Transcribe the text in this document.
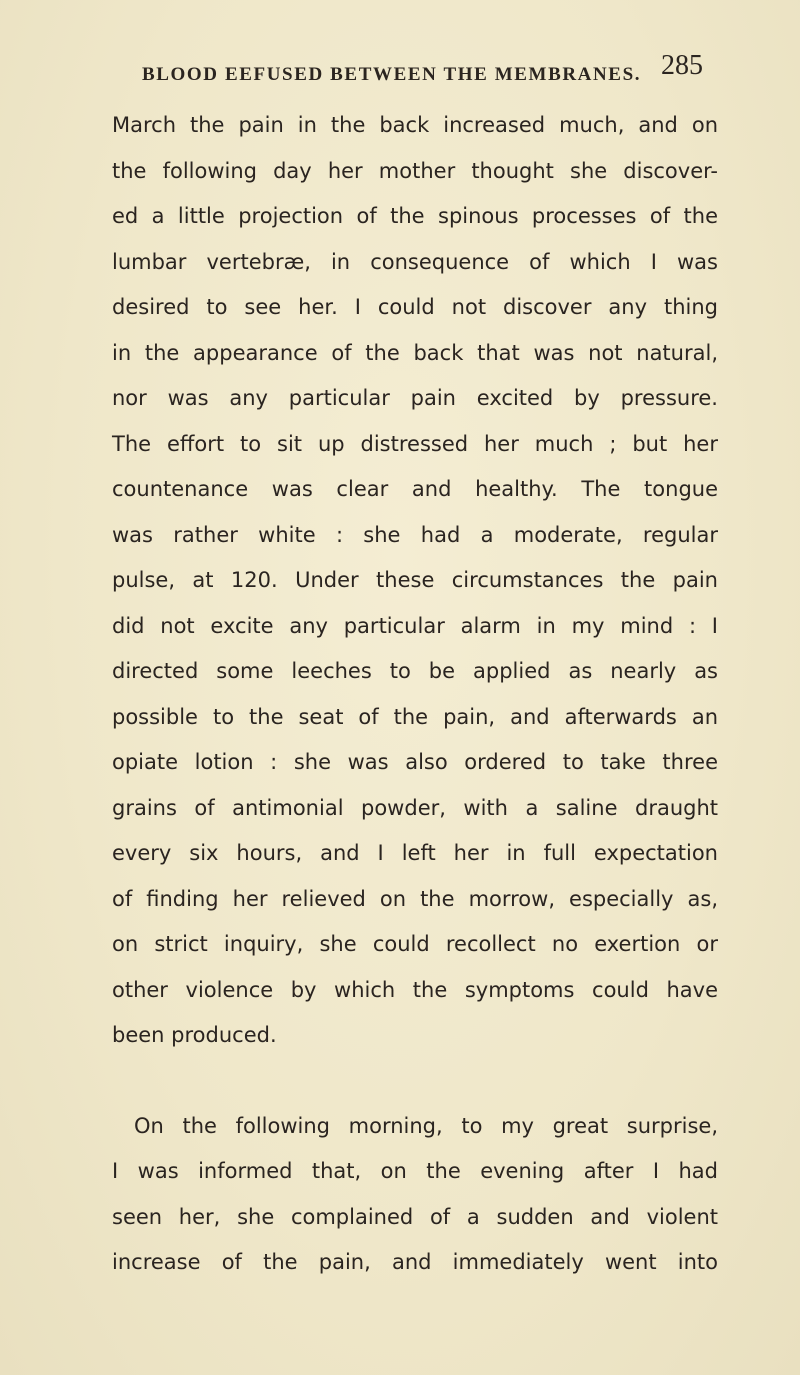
BLOOD EEFUSED BETWEEN THE MEMBRANES. 285
March the pain in the back increased much, and on
the following day her mother thought she discover-
ed a little projection of the spinous processes of the
lumbar vertebræ, in consequence of which I was
desired to see her. I could not discover any thing
in the appearance of the back that was not natural,
nor was any particular pain excited by pressure.
The effort to sit up distressed her much ; but her
countenance was clear and healthy. The tongue
was rather white : she had a moderate, regular
pulse, at 120. Under these circumstances the pain
did not excite any particular alarm in my mind : I
directed some leeches to be applied as nearly as
possible to the seat of the pain, and afterwards an
opiate lotion : she was also ordered to take three
grains of antimonial powder, with a saline draught
every six hours, and I left her in full expectation
of finding her relieved on the morrow, especially as,
on strict inquiry, she could recollect no exertion or
other violence by which the symptoms could have
been produced.
On the following morning, to my great surprise,
I was informed that, on the evening after I had
seen her, she complained of a sudden and violent
increase of the pain, and immediately went into
